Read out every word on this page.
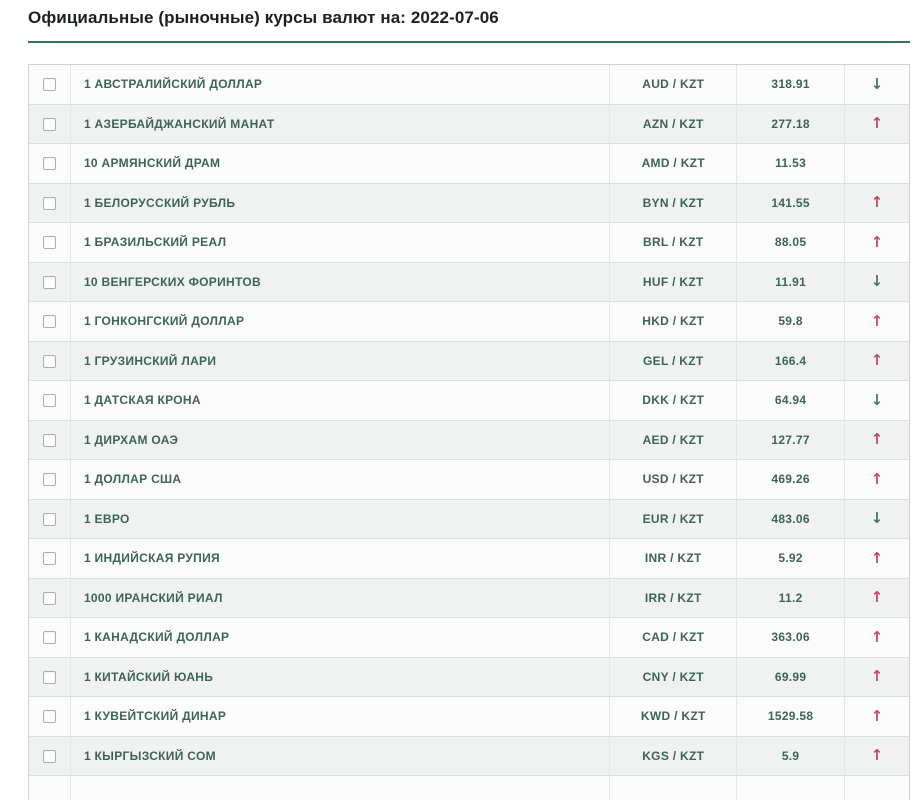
Официальные (рыночные) курсы валют на: 2022-07-06
	1 АВСТРАЛИЙСКИЙ ДОЛЛАР	AUD / KZT	318.91	↓
	1 АЗЕРБАЙДЖАНСКИЙ МАНАТ	AZN / KZT	277.18	↑
	10 АРМЯНСКИЙ ДРАМ	AMD / KZT	11.53	
	1 БЕЛОРУССКИЙ РУБЛЬ	BYN / KZT	141.55	↑
	1 БРАЗИЛЬСКИЙ РЕАЛ	BRL / KZT	88.05	↑
	10 ВЕНГЕРСКИХ ФОРИНТОВ	HUF / KZT	11.91	↓
	1 ГОНКОНГСКИЙ ДОЛЛАР	HKD / KZT	59.8	↑
	1 ГРУЗИНСКИЙ ЛАРИ	GEL / KZT	166.4	↑
	1 ДАТСКАЯ КРОНА	DKK / KZT	64.94	↓
	1 ДИРХАМ ОАЭ	AED / KZT	127.77	↑
	1 ДОЛЛАР США	USD / KZT	469.26	↑
	1 ЕВРО	EUR / KZT	483.06	↓
	1 ИНДИЙСКАЯ РУПИЯ	INR / KZT	5.92	↑
	1000 ИРАНСКИЙ РИАЛ	IRR / KZT	11.2	↑
	1 КАНАДСКИЙ ДОЛЛАР	CAD / KZT	363.06	↑
	1 КИТАЙСКИЙ ЮАНЬ	CNY / KZT	69.99	↑
	1 КУВЕЙТСКИЙ ДИНАР	KWD / KZT	1529.58	↑
	1 КЫРГЫЗСКИЙ СОМ	KGS / KZT	5.9	↑
